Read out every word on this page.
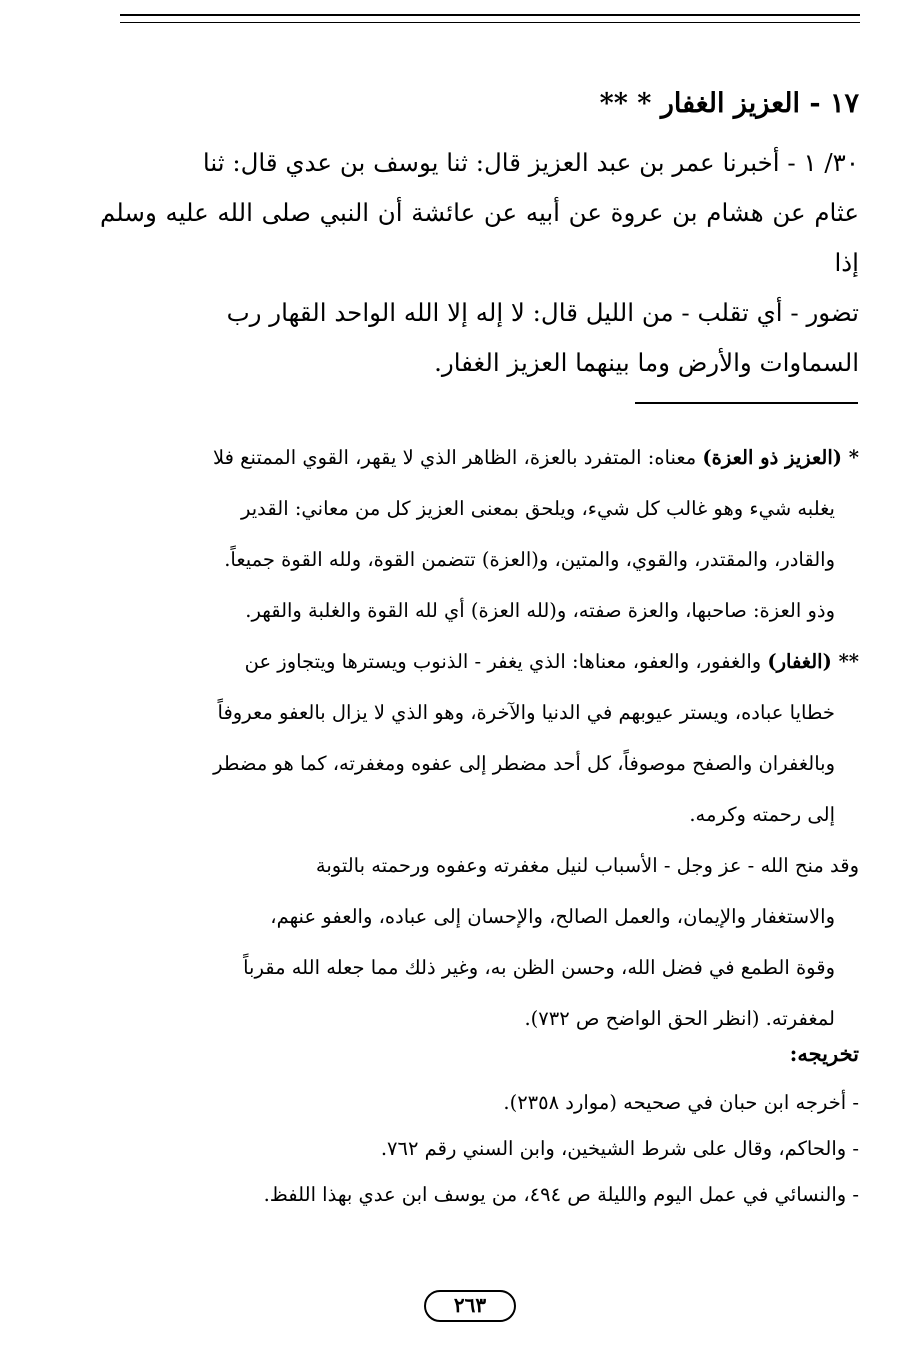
١٧ - العزيز الغفار * **

٣٠/ ١ - أخبرنا عمر بن عبد العزيز قال: ثنا يوسف بن عدي قال: ثنا

عثام عن هشام بن عروة عن أبيه عن عائشة أن النبي صلى الله عليه وسلم إذا

تضور - أي تقلب - من الليل قال: لا إله إلا الله الواحد القهار رب

السماوات والأرض وما بينهما العزيز الغفار.

* (العزيز ذو العزة) معناه: المتفرد بالعزة، الظاهر الذي لا يقهر، القوي الممتنع فلا

يغلبه شيء وهو غالب كل شيء، ويلحق بمعنى العزيز كل من معاني: القدير

والقادر، والمقتدر، والقوي، والمتين، و(العزة) تتضمن القوة، ولله القوة جميعاً.

وذو العزة: صاحبها، والعزة صفته، و(لله العزة) أي لله القوة والغلبة والقهر.

** (الغفار) والغفور، والعفو، معناها: الذي يغفر - الذنوب ويسترها ويتجاوز عن

خطايا عباده، ويستر عيوبهم في الدنيا والآخرة، وهو الذي لا يزال بالعفو معروفاً

وبالغفران والصفح موصوفاً، كل أحد مضطر إلى عفوه ومغفرته، كما هو مضطر

إلى رحمته وكرمه.

وقد منح الله - عز وجل - الأسباب لنيل مغفرته وعفوه ورحمته بالتوبة

والاستغفار والإيمان، والعمل الصالح، والإحسان إلى عباده، والعفو عنهم،

وقوة الطمع في فضل الله، وحسن الظن به، وغير ذلك مما جعله الله مقرباً

لمغفرته. (انظر الحق الواضح ص ٧٣٢).

تخريجه:

- أخرجه ابن حبان في صحيحه (موارد ٢٣٥٨).

- والحاكم، وقال على شرط الشيخين، وابن السني رقم ٧٦٢.

- والنسائي في عمل اليوم والليلة ص ٤٩٤، من يوسف ابن عدي بهذا اللفظ.

٢٦٣
